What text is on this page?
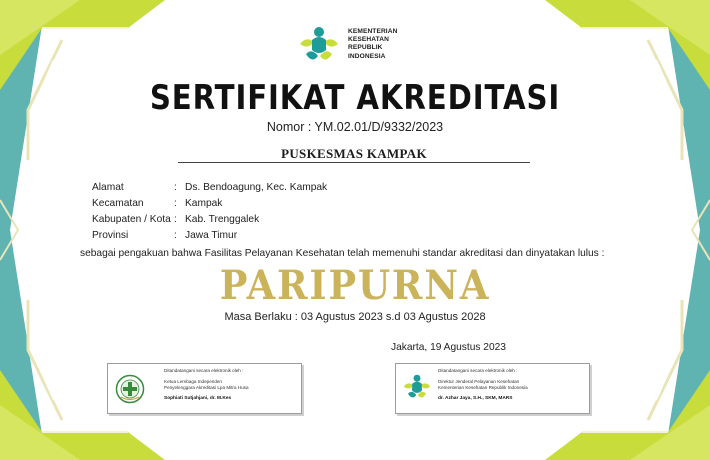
KEMENTERIAN
KESEHATAN
REPUBLIK
INDONESIA
SERTIFIKAT AKREDITASI
Nomor : YM.02.01/D/9332/2023
PUSKESMAS KAMPAK
Alamat	: Ds. Bendoagung, Kec. Kampak
Kecamatan	: Kampak
Kabupaten / Kota : Kab. Trenggalek
Provinsi	: Jawa Timur
sebagai pengakuan bahwa Fasilitas Pelayanan Kesehatan telah memenuhi standar akreditasi dan dinyatakan lulus :
PARIPURNA
Masa Berlaku : 03 Agustus 2023 s.d 03 Agustus 2028
Jakarta, 19 Agustus 2023
Ditandatangani secara elektronik oleh :
Ketua Lembaga Independen
Penyelenggara Akreditasi Lpa Mitra Husa
Sophiati Sutjahjani, dr. M.Kes
Ditandatangani secara elektronik oleh :
Direktur Jenderal Pelayanan Kesehatan
Kementerian Kesehatan Republik Indonesia
dr. Azhar Jaya, S.H., SKM, MARS
